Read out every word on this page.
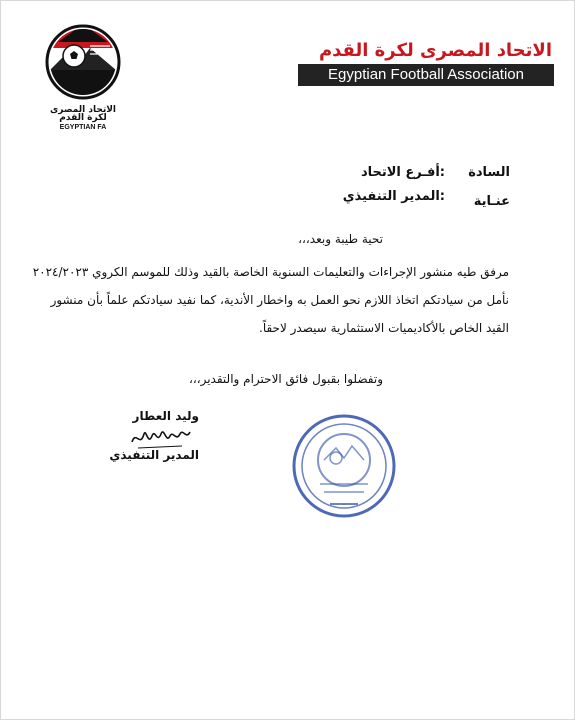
الاتحاد المصرى
لكرة القدم
EGYPTIAN FA
الاتحاد المصرى لكرة القدم
Egyptian Football Association
السادة
:أفـرع الاتحاد
عنـاية
:المدير التنفيذي
تحية طيبة وبعد،،،
مرفق طيه منشور الإجراءات والتعليمات السنوية الخاصة بالقيد وذلك للموسم الكروي ٢٠٢٤/٢٠٢٣
نأمل من سيادتكم اتخاذ اللازم نحو العمل به واخطار الأندية، كما نفيد سيادتكم علماً بأن منشور
القيد الخاص بالأكاديميات الاستثمارية سيصدر لاحقاً.
وتفضلوا بقبول فائق الاحترام والتقدير،،،
وليد العطار
المدير التنفيذي
